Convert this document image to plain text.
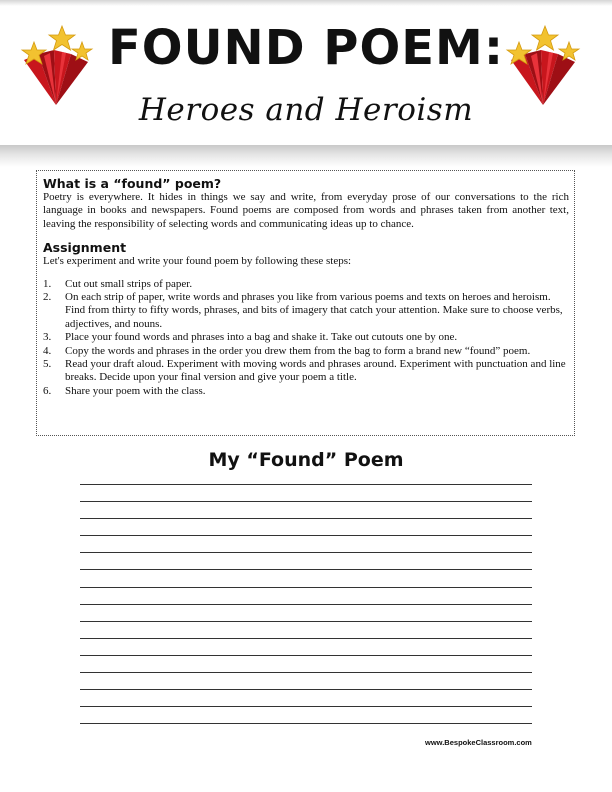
FOUND POEM:
Heroes and Heroism
What is a “found” poem?

Poetry is everywhere. It hides in things we say and write, from everyday prose of our conversations to the rich language in books and newspapers. Found poems are composed from words and phrases taken from another text, leaving the responsibility of selecting words and communicating ideas up to chance.

Assignment

Let's experiment and write your found poem by following these steps:

1.	Cut out small strips of paper.
2.	On each strip of paper, write words and phrases you like from various poems and texts on heroes and heroism. Find from thirty to fifty words, phrases, and bits of imagery that catch your attention. Make sure to choose verbs, adjectives, and nouns.
3.	Place your found words and phrases into a bag and shake it. Take out cutouts one by one.
4.	Copy the words and phrases in the order you drew them from the bag to form a brand new “found” poem.
5.	Read your draft aloud. Experiment with moving words and phrases around. Experiment with punctuation and line breaks. Decide upon your final version and give your poem a title.
6.	Share your poem with the class.
My “Found” Poem
www.BespokeClassroom.com
